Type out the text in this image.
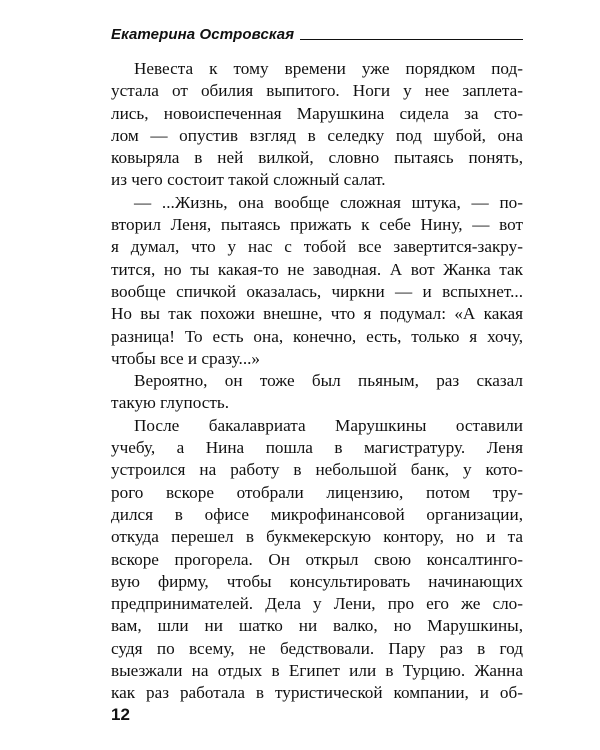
Екатерина Островская
Невеста к тому времени уже порядком под-
устала от обилия выпитого. Ноги у нее заплета-
лись, новоиспеченная Марушкина сидела за сто-
лом — опустив взгляд в селедку под шубой, она
ковыряла в ней вилкой, словно пытаясь понять,
из чего состоит такой сложный салат.
— ...Жизнь, она вообще сложная штука, — по-
вторил Леня, пытаясь прижать к себе Нину, — вот
я думал, что у нас с тобой все завертится-закру-
тится, но ты какая-то не заводная. А вот Жанка так
вообще спичкой оказалась, чиркни — и вспыхнет...
Но вы так похожи внешне, что я подумал: «А какая
разница! То есть она, конечно, есть, только я хочу,
чтобы все и сразу...»
Вероятно, он тоже был пьяным, раз сказал
такую глупость.
После бакалавриата Марушкины оставили
учебу, а Нина пошла в магистратуру. Леня
устроился на работу в небольшой банк, у кото-
рого вскоре отобрали лицензию, потом тру-
дился в офисе микрофинансовой организации,
откуда перешел в букмекерскую контору, но и та
вскоре прогорела. Он открыл свою консалтинго-
вую фирму, чтобы консультировать начинающих
предпринимателей. Дела у Лени, про его же сло-
вам, шли ни шатко ни валко, но Марушкины,
судя по всему, не бедствовали. Пару раз в год
выезжали на отдых в Египет или в Турцию. Жанна
как раз работала в туристической компании, и об-
12
